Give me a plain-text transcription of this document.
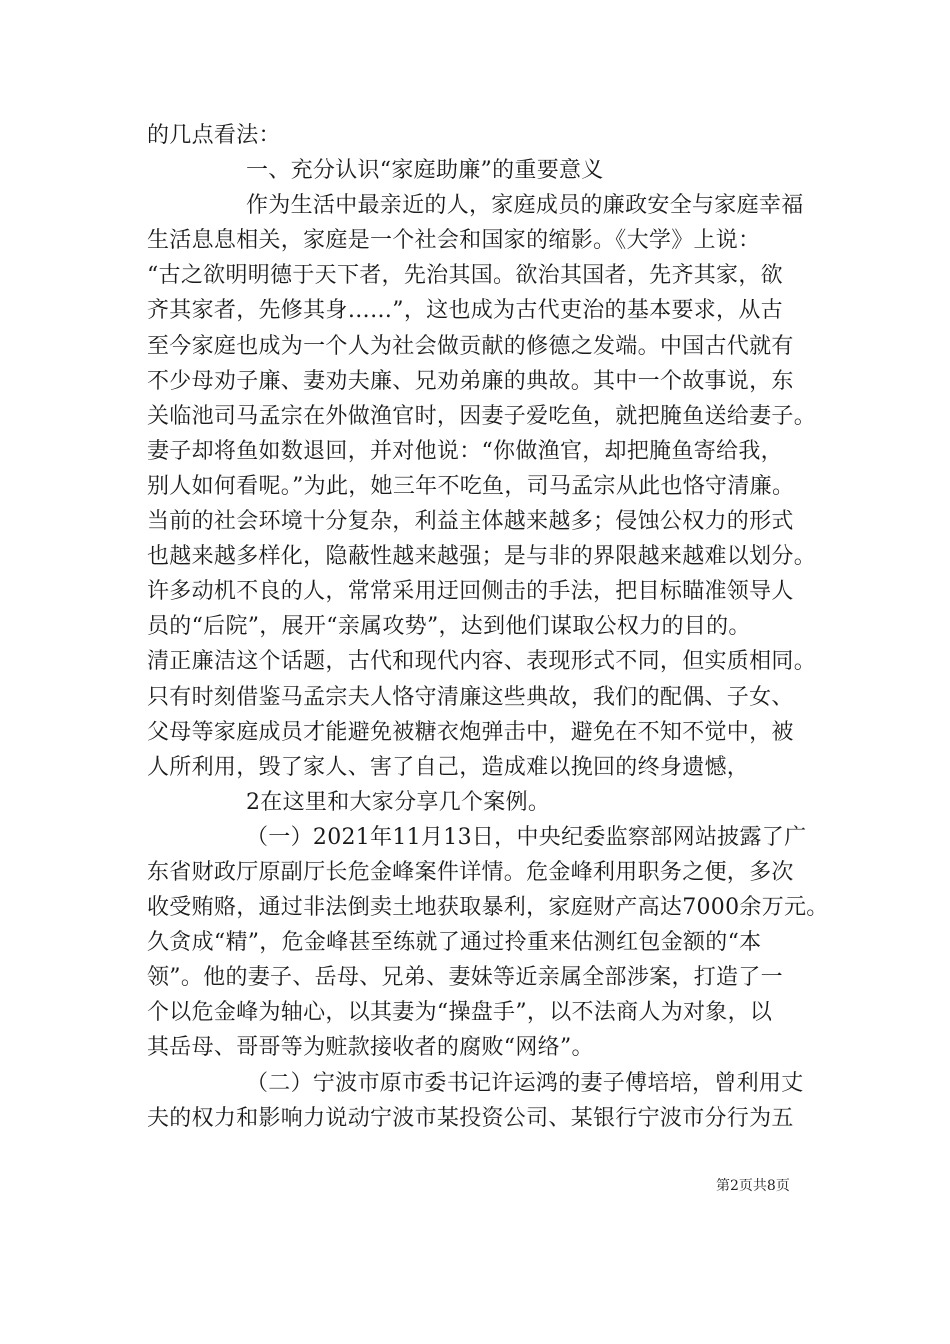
的几点看法：
一、充分认识“家庭助廉”的重要意义
作为生活中最亲近的人，家庭成员的廉政安全与家庭幸福
生活息息相关，家庭是一个社会和国家的缩影。《大学》上说：
“古之欲明明德于天下者，先治其国。欲治其国者，先齐其家，欲
齐其家者，先修其身……”，这也成为古代吏治的基本要求，从古
至今家庭也成为一个人为社会做贡献的修德之发端。中国古代就有
不少母劝子廉、妻劝夫廉、兄劝弟廉的典故。其中一个故事说，东
关临池司马孟宗在外做渔官时，因妻子爱吃鱼，就把腌鱼送给妻子。
妻子却将鱼如数退回，并对他说：“你做渔官，却把腌鱼寄给我，
别人如何看呢。”为此，她三年不吃鱼，司马孟宗从此也恪守清廉。
当前的社会环境十分复杂，利益主体越来越多；侵蚀公权力的形式
也越来越多样化，隐蔽性越来越强；是与非的界限越来越难以划分。
许多动机不良的人，常常采用迂回侧击的手法，把目标瞄准领导人
员的“后院”，展开“亲属攻势”，达到他们谋取公权力的目的。
清正廉洁这个话题，古代和现代内容、表现形式不同，但实质相同。
只有时刻借鉴马孟宗夫人恪守清廉这些典故，我们的配偶、子女、
父母等家庭成员才能避免被糖衣炮弹击中，避免在不知不觉中，被
人所利用，毁了家人、害了自己，造成难以挽回的终身遗憾，
2在这里和大家分享几个案例。
（一）2021年11月13日，中央纪委监察部网站披露了广
东省财政厅原副厅长危金峰案件详情。危金峰利用职务之便，多次
收受贿赂，通过非法倒卖土地获取暴利，家庭财产高达7000余万元。
久贪成“精”，危金峰甚至练就了通过拎重来估测红包金额的“本
领”。他的妻子、岳母、兄弟、妻妹等近亲属全部涉案，打造了一
个以危金峰为轴心，以其妻为“操盘手”，以不法商人为对象，以
其岳母、哥哥等为赃款接收者的腐败“网络”。
（二）宁波市原市委书记许运鸿的妻子傅培培，曾利用丈
夫的权力和影响力说动宁波市某投资公司、某银行宁波市分行为五
第2页共8页
